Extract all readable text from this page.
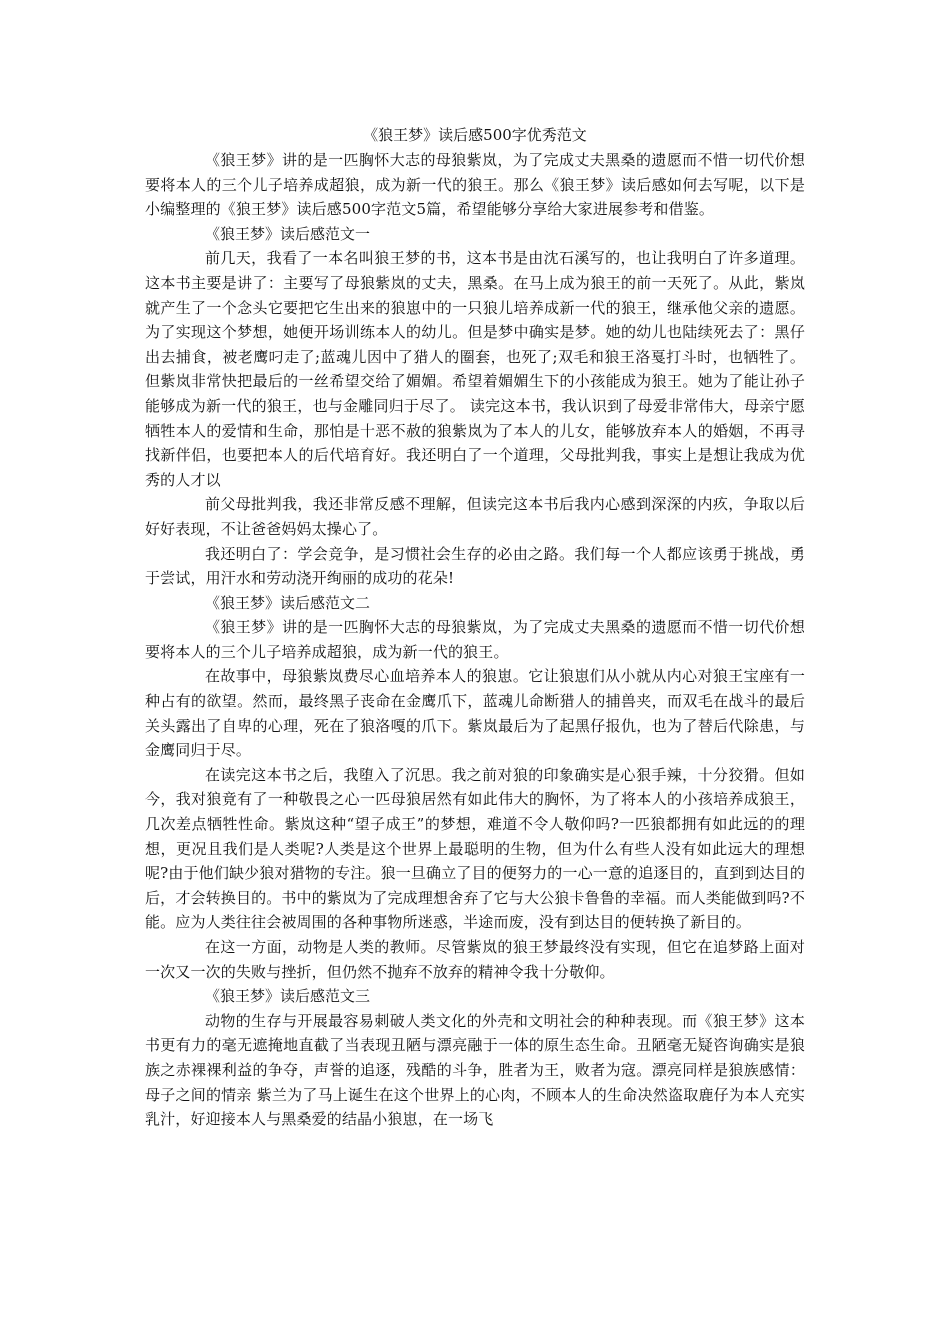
《狼王梦》读后感500字优秀范文

《狼王梦》讲的是一匹胸怀大志的母狼紫岚，为了完成丈夫黑桑的遗愿而不惜一切代价想要将本人的三个儿子培养成超狼，成为新一代的狼王。那么《狼王梦》读后感如何去写呢，以下是小编整理的《狼王梦》读后感500字范文5篇，希望能够分享给大家进展参考和借鉴。

《狼王梦》读后感范文一

前几天，我看了一本名叫狼王梦的书，这本书是由沈石溪写的，也让我明白了许多道理。 这本书主要是讲了：主要写了母狼紫岚的丈夫，黑桑。在马上成为狼王的前一天死了。从此，紫岚就产生了一个念头它要把它生出来的狼崽中的一只狼儿培养成新一代的狼王，继承他父亲的遗愿。为了实现这个梦想，她便开场训练本人的幼儿。但是梦中确实是梦。她的幼儿也陆续死去了：黑仔出去捕食，被老鹰叼走了;蓝魂儿因中了猎人的圈套，也死了;双毛和狼王洛戛打斗时，也牺牲了。但紫岚非常快把最后的一丝希望交给了媚媚。希望着媚媚生下的小孩能成为狼王。她为了能让孙子能够成为新一代的狼王，也与金雕同归于尽了。 读完这本书，我认识到了母爱非常伟大，母亲宁愿牺牲本人的爱情和生命，那怕是十恶不赦的狼紫岚为了本人的儿女，能够放弃本人的婚姻，不再寻找新伴侣，也要把本人的后代培育好。我还明白了一个道理，父母批判我，事实上是想让我成为优秀的人才以

前父母批判我，我还非常反感不理解，但读完这本书后我内心感到深深的内疚，争取以后好好表现，不让爸爸妈妈太操心了。

我还明白了：学会竞争，是习惯社会生存的必由之路。我们每一个人都应该勇于挑战，勇于尝试，用汗水和劳动浇开绚丽的成功的花朵!

《狼王梦》读后感范文二

《狼王梦》讲的是一匹胸怀大志的母狼紫岚，为了完成丈夫黑桑的遗愿而不惜一切代价想要将本人的三个儿子培养成超狼，成为新一代的狼王。

在故事中，母狼紫岚费尽心血培养本人的狼崽。它让狼崽们从小就从内心对狼王宝座有一种占有的欲望。然而，最终黑子丧命在金鹰爪下，蓝魂儿命断猎人的捕兽夹，而双毛在战斗的最后关头露出了自卑的心理，死在了狼洛嘎的爪下。紫岚最后为了起黑仔报仇，也为了替后代除患，与金鹰同归于尽。

在读完这本书之后，我堕入了沉思。我之前对狼的印象确实是心狠手辣，十分狡猾。但如今，我对狼竟有了一种敬畏之心一匹母狼居然有如此伟大的胸怀，为了将本人的小孩培养成狼王，几次差点牺牲性命。紫岚这种“望子成王”的梦想，难道不令人敬仰吗?一匹狼都拥有如此远的的理想，更况且我们是人类呢?人类是这个世界上最聪明的生物，但为什么有些人没有如此远大的理想呢?由于他们缺少狼对猎物的专注。狼一旦确立了目的便努力的一心一意的追逐目的，直到到达目的后，才会转换目的。书中的紫岚为了完成理想舍弃了它与大公狼卡鲁鲁的幸福。而人类能做到吗?不能。应为人类往往会被周围的各种事物所迷惑，半途而废，没有到达目的便转换了新目的。

在这一方面，动物是人类的教师。尽管紫岚的狼王梦最终没有实现，但它在追梦路上面对一次又一次的失败与挫折，但仍然不抛弃不放弃的精神令我十分敬仰。

《狼王梦》读后感范文三

动物的生存与开展最容易刺破人类文化的外壳和文明社会的种种表现。而《狼王梦》这本书更有力的毫无遮掩地直截了当表现丑陋与漂亮融于一体的原生态生命。丑陋毫无疑咨询确实是狼族之赤裸裸利益的争夺，声誉的追逐，残酷的斗争，胜者为王，败者为寇。漂亮同样是狼族感情： 母子之间的情亲 紫兰为了马上诞生在这个世界上的心肉，不顾本人的生命决然盗取鹿仔为本人充实乳汁，好迎接本人与黑桑爱的结晶小狼崽，在一场飞
